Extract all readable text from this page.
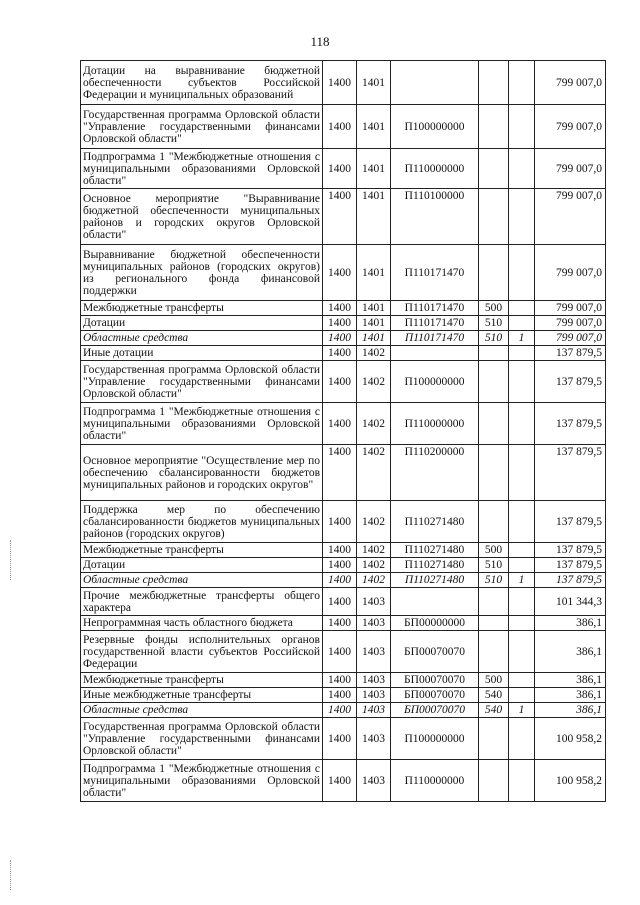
118
Дотации на выравнивание бюджетной обеспеченности субъектов Российской Федерации и муниципальных образований	1400	1401				799 007,0
Государственная программа Орловской области "Управление государственными финансами Орловской области"	1400	1401	П100000000			799 007,0
Подпрограмма 1 "Межбюджетные отношения с муниципальными образованиями Орловской области"	1400	1401	П110000000			799 007,0
Основное мероприятие "Выравнивание бюджетной обеспеченности муниципальных районов и городских округов Орловской области"	1400	1401	П110100000			799 007,0
Выравнивание бюджетной обеспеченности муниципальных районов (городских округов) из регионального фонда финансовой поддержки	1400	1401	П110171470			799 007,0
Межбюджетные трансферты	1400	1401	П110171470	500		799 007,0
Дотации	1400	1401	П110171470	510		799 007,0
Областные средства	1400	1401	П110171470	510	1	799 007,0
Иные дотации	1400	1402				137 879,5
Государственная программа Орловской области "Управление государственными финансами Орловской области"	1400	1402	П100000000			137 879,5
Подпрограмма 1 "Межбюджетные отношения с муниципальными образованиями Орловской области"	1400	1402	П110000000			137 879,5
Основное мероприятие "Осуществление мер по обеспечению сбалансированности бюджетов муниципальных районов и городских округов"	1400	1402	П110200000			137 879,5
Поддержка мер по обеспечению сбалансированности бюджетов муниципальных районов (городских округов)	1400	1402	П110271480			137 879,5
Межбюджетные трансферты	1400	1402	П110271480	500		137 879,5
Дотации	1400	1402	П110271480	510		137 879,5
Областные средства	1400	1402	П110271480	510	1	137 879,5
Прочие межбюджетные трансферты общего характера	1400	1403				101 344,3
Непрограммная часть областного бюджета	1400	1403	БП00000000			386,1
Резервные фонды исполнительных органов государственной власти субъектов Российской Федерации	1400	1403	БП00070070			386,1
Межбюджетные трансферты	1400	1403	БП00070070	500		386,1
Иные межбюджетные трансферты	1400	1403	БП00070070	540		386,1
Областные средства	1400	1403	БП00070070	540	1	386,1
Государственная программа Орловской области "Управление государственными финансами Орловской области"	1400	1403	П100000000			100 958,2
Подпрограмма 1 "Межбюджетные отношения с муниципальными образованиями Орловской области"	1400	1403	П110000000			100 958,2
